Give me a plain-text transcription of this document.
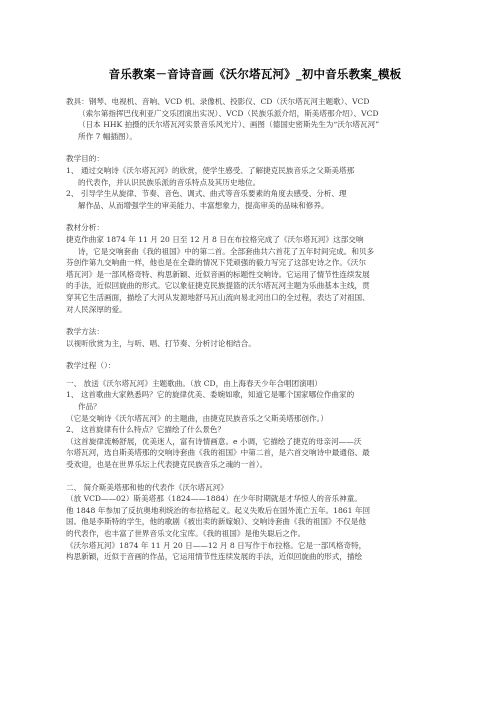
音乐教案－音诗音画《沃尔塔瓦河》_初中音乐教案_模板

教具：钢琴、电视机、音响、VCD 机、录像机、投影仪、CD（沃尔塔瓦河主题歌）、VCD

（索尔第指挥巴伐利亚广交乐团演出实况）、VCD（民族乐派介绍，斯美塔那介绍）、VCD

（日本 HHK 拍摄的沃尔塔瓦河实景音乐风光片）、画图（德国史密斯先生为“沃尔塔瓦河”

所作 7 幅插图）。

教学目的：

1、 通过交响诗《沃尔塔瓦河》的欣赏，使学生感受、了解捷克民族音乐之父斯美塔那

的代表作，并认识民族乐派的音乐特点及其历史地位。

2、 引导学生从旋律、节奏、音色、调式、曲式等音乐要素的角度去感受、分析、理

解作品、从而增强学生的审美能力、丰富想象力，提高审美的品味和修养。

教材分析：

捷克作曲家 1874 年 11 月 20 日至 12 月 8 日在布拉格完成了《沃尔塔瓦河》这部交响

诗，它是交响套曲《我的祖国》中的第二首。全部套曲共六首花了五年时间完成。和贝多

芬创作第九交响曲一样，他也是在全聋的情况下凭顽强的毅力写完了这部史诗之作。《沃尔

塔瓦河》是一部风格奇特、构思新颖、近似音画的标题性交响诗。它运用了情节性连续发展

的手法，近似回旋曲的形式。它以象征捷克民族提篮的沃尔塔瓦河主题为乐曲基本主线，贯

穿其它生活画面，描绘了大河从发源地舒马瓦山流向易北河出口的全过程，表达了对祖国、

对人民深厚的爱。

教学方法：

以视听欣赏为主，与听、唱、打节奏、分析讨论相结合。

教学过程（）：

一、 放送《沃尔塔瓦河》主题歌曲。（放 CD，由上海春天少年合唱团演唱）

1、 这首歌曲大家熟悉吗？它的旋律优美、委婉如歌，知道它是哪个国家哪位作曲家的

作品？

（它是交响诗《沃尔塔瓦河》的主题曲，由捷克民族音乐之父斯美塔那创作。）

2、 这首旋律有什么特点？它描绘了什么景色？

（这首旋律流畅舒展，优美迷人，富有诗情画意。e 小调，它描绘了捷克的母亲河——沃

尔塔瓦河，选自斯美塔那的交响诗套曲《我的祖国》中第二首，是六首交响诗中最通俗、最

受欢迎，也是在世界乐坛上代表捷克民族音乐之魂的一首）。

二、 简介斯美塔那和他的代表作《沃尔塔瓦河》

（放 VCD——02）斯美塔那（1824——1884）在少年时期就是才华惊人的音乐神童。

他 1848 年参加了反抗奥地利统治的布拉格起义。起义失败后在国外流亡五年。1861 年回

国。他是李斯特的学生，他的歌剧《被出卖的新嫁娘》、交响诗套曲《我的祖国》不仅是他

的代表作，也丰富了世界音乐文化宝库。《我的祖国》是他失聪后之作。

《沃尔塔瓦河》1874 年 11 月 20 日——12 月 8 日写作于布拉格。它是一部风格奇特，

构思新颖，近似于音画的作品，它运用情节性连续发展的手法，近似回旋曲的形式，描绘
